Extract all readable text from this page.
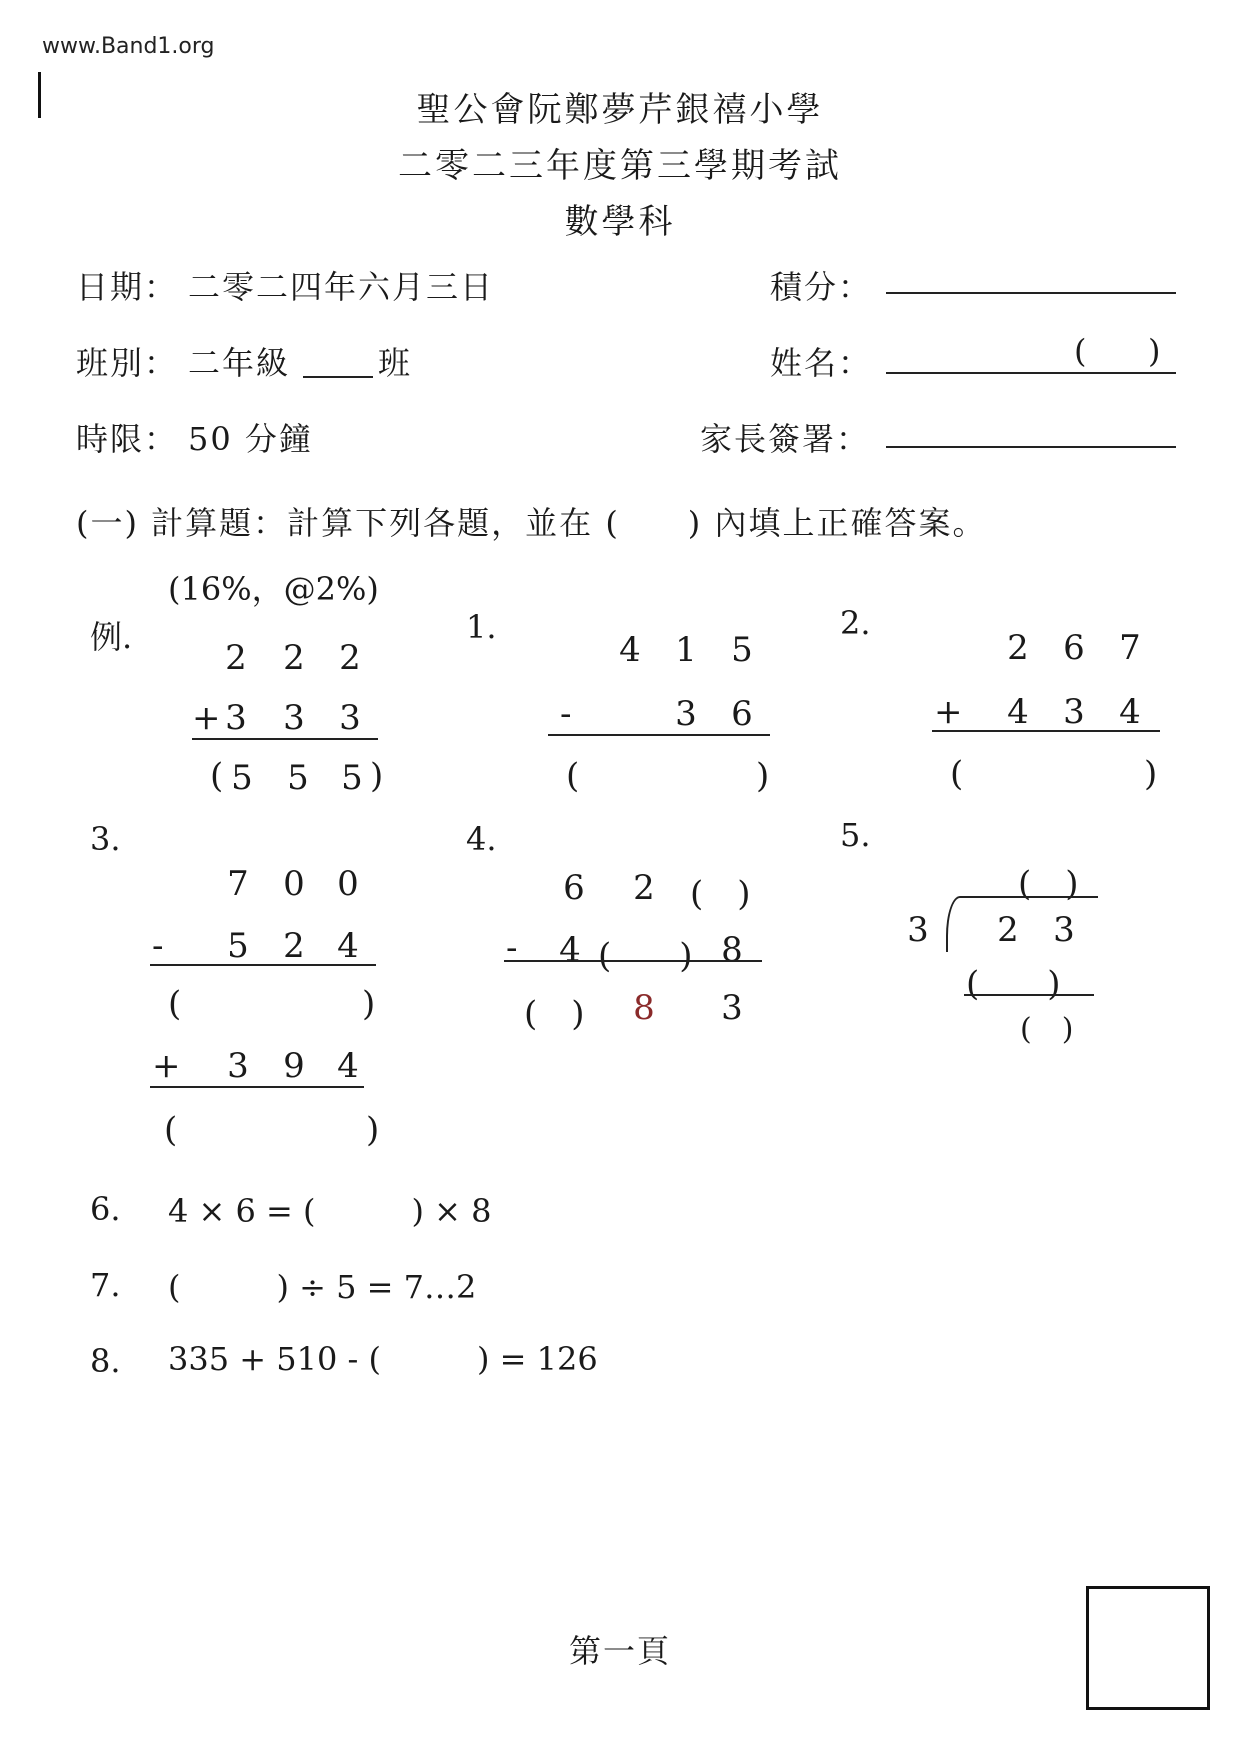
www.Band1.org
聖公會阮鄭夢芹銀禧小學
二零二三年度第三學期考試
數學科
日期： 二零二四年六月三日	積分：
班別： 二年級	班	姓名：	( )
時限： 50 分鐘	家長簽署：
(一) 計算題：計算下列各題，並在 (　　) 內填上正確答案。
(16%，@2%)
例.
2 2 2
+ 3 3 3
( 5 5 5 )
1.
4 1 5
-	3 6
(	)
2.
2 6 7
+ 4 3 4
(	)
3.
7 0 0
- 5 2 4
(	)
+ 3 9 4
(	)
4.
6 2 (　)
- 4 (　　) 8
(　) 8 3
5.
(　)
3 2 3
(　　)
(　)
6. 4 × 6 = (　　　) × 8
7. (　　　) ÷ 5 = 7…2
8. 335 + 510 - (　　　) = 126
第一頁
